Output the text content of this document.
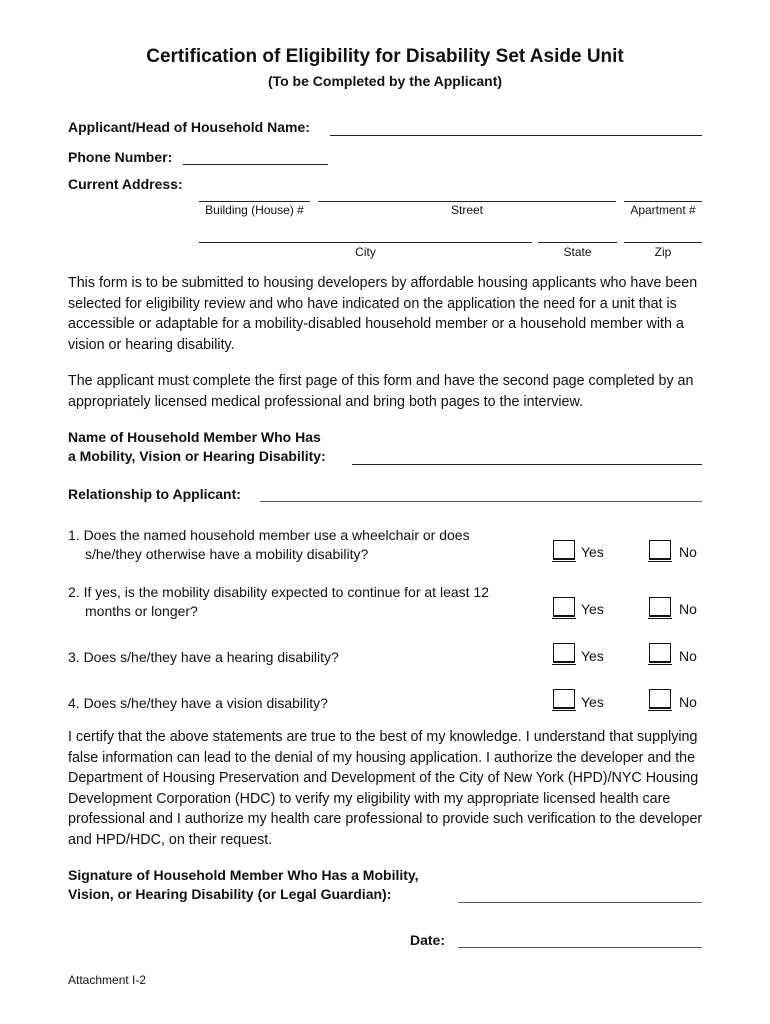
Certification of Eligibility for Disability Set Aside Unit
(To be Completed by the Applicant)
Applicant/Head of Household Name:
Phone Number:
Current Address:
Building (House) #	Street	Apartment #
City	State	Zip
This form is to be submitted to housing developers by affordable housing applicants who have been selected for eligibility review and who have indicated on the application the need for a unit that is accessible or adaptable for a mobility-disabled household member or a household member with a vision or hearing disability.
The applicant must complete the first page of this form and have the second page completed by an appropriately licensed medical professional and bring both pages to the interview.
Name of Household Member Who Has
a Mobility, Vision or Hearing Disability:
Relationship to Applicant:
1. Does the named household member use a wheelchair or does
s/he/they otherwise have a mobility disability?	Yes	No
2. If yes, is the mobility disability expected to continue for at least 12
months or longer?	Yes	No
3. Does s/he/they have a hearing disability?	Yes	No
4. Does s/he/they have a vision disability?	Yes	No
I certify that the above statements are true to the best of my knowledge. I understand that supplying false information can lead to the denial of my housing application. I authorize the developer and the Department of Housing Preservation and Development of the City of New York (HPD)/NYC Housing Development Corporation (HDC) to verify my eligibility with my appropriate licensed health care professional and I authorize my health care professional to provide such verification to the developer and HPD/HDC, on their request.
Signature of Household Member Who Has a Mobility,
Vision, or Hearing Disability (or Legal Guardian):
Date:
Attachment I-2
